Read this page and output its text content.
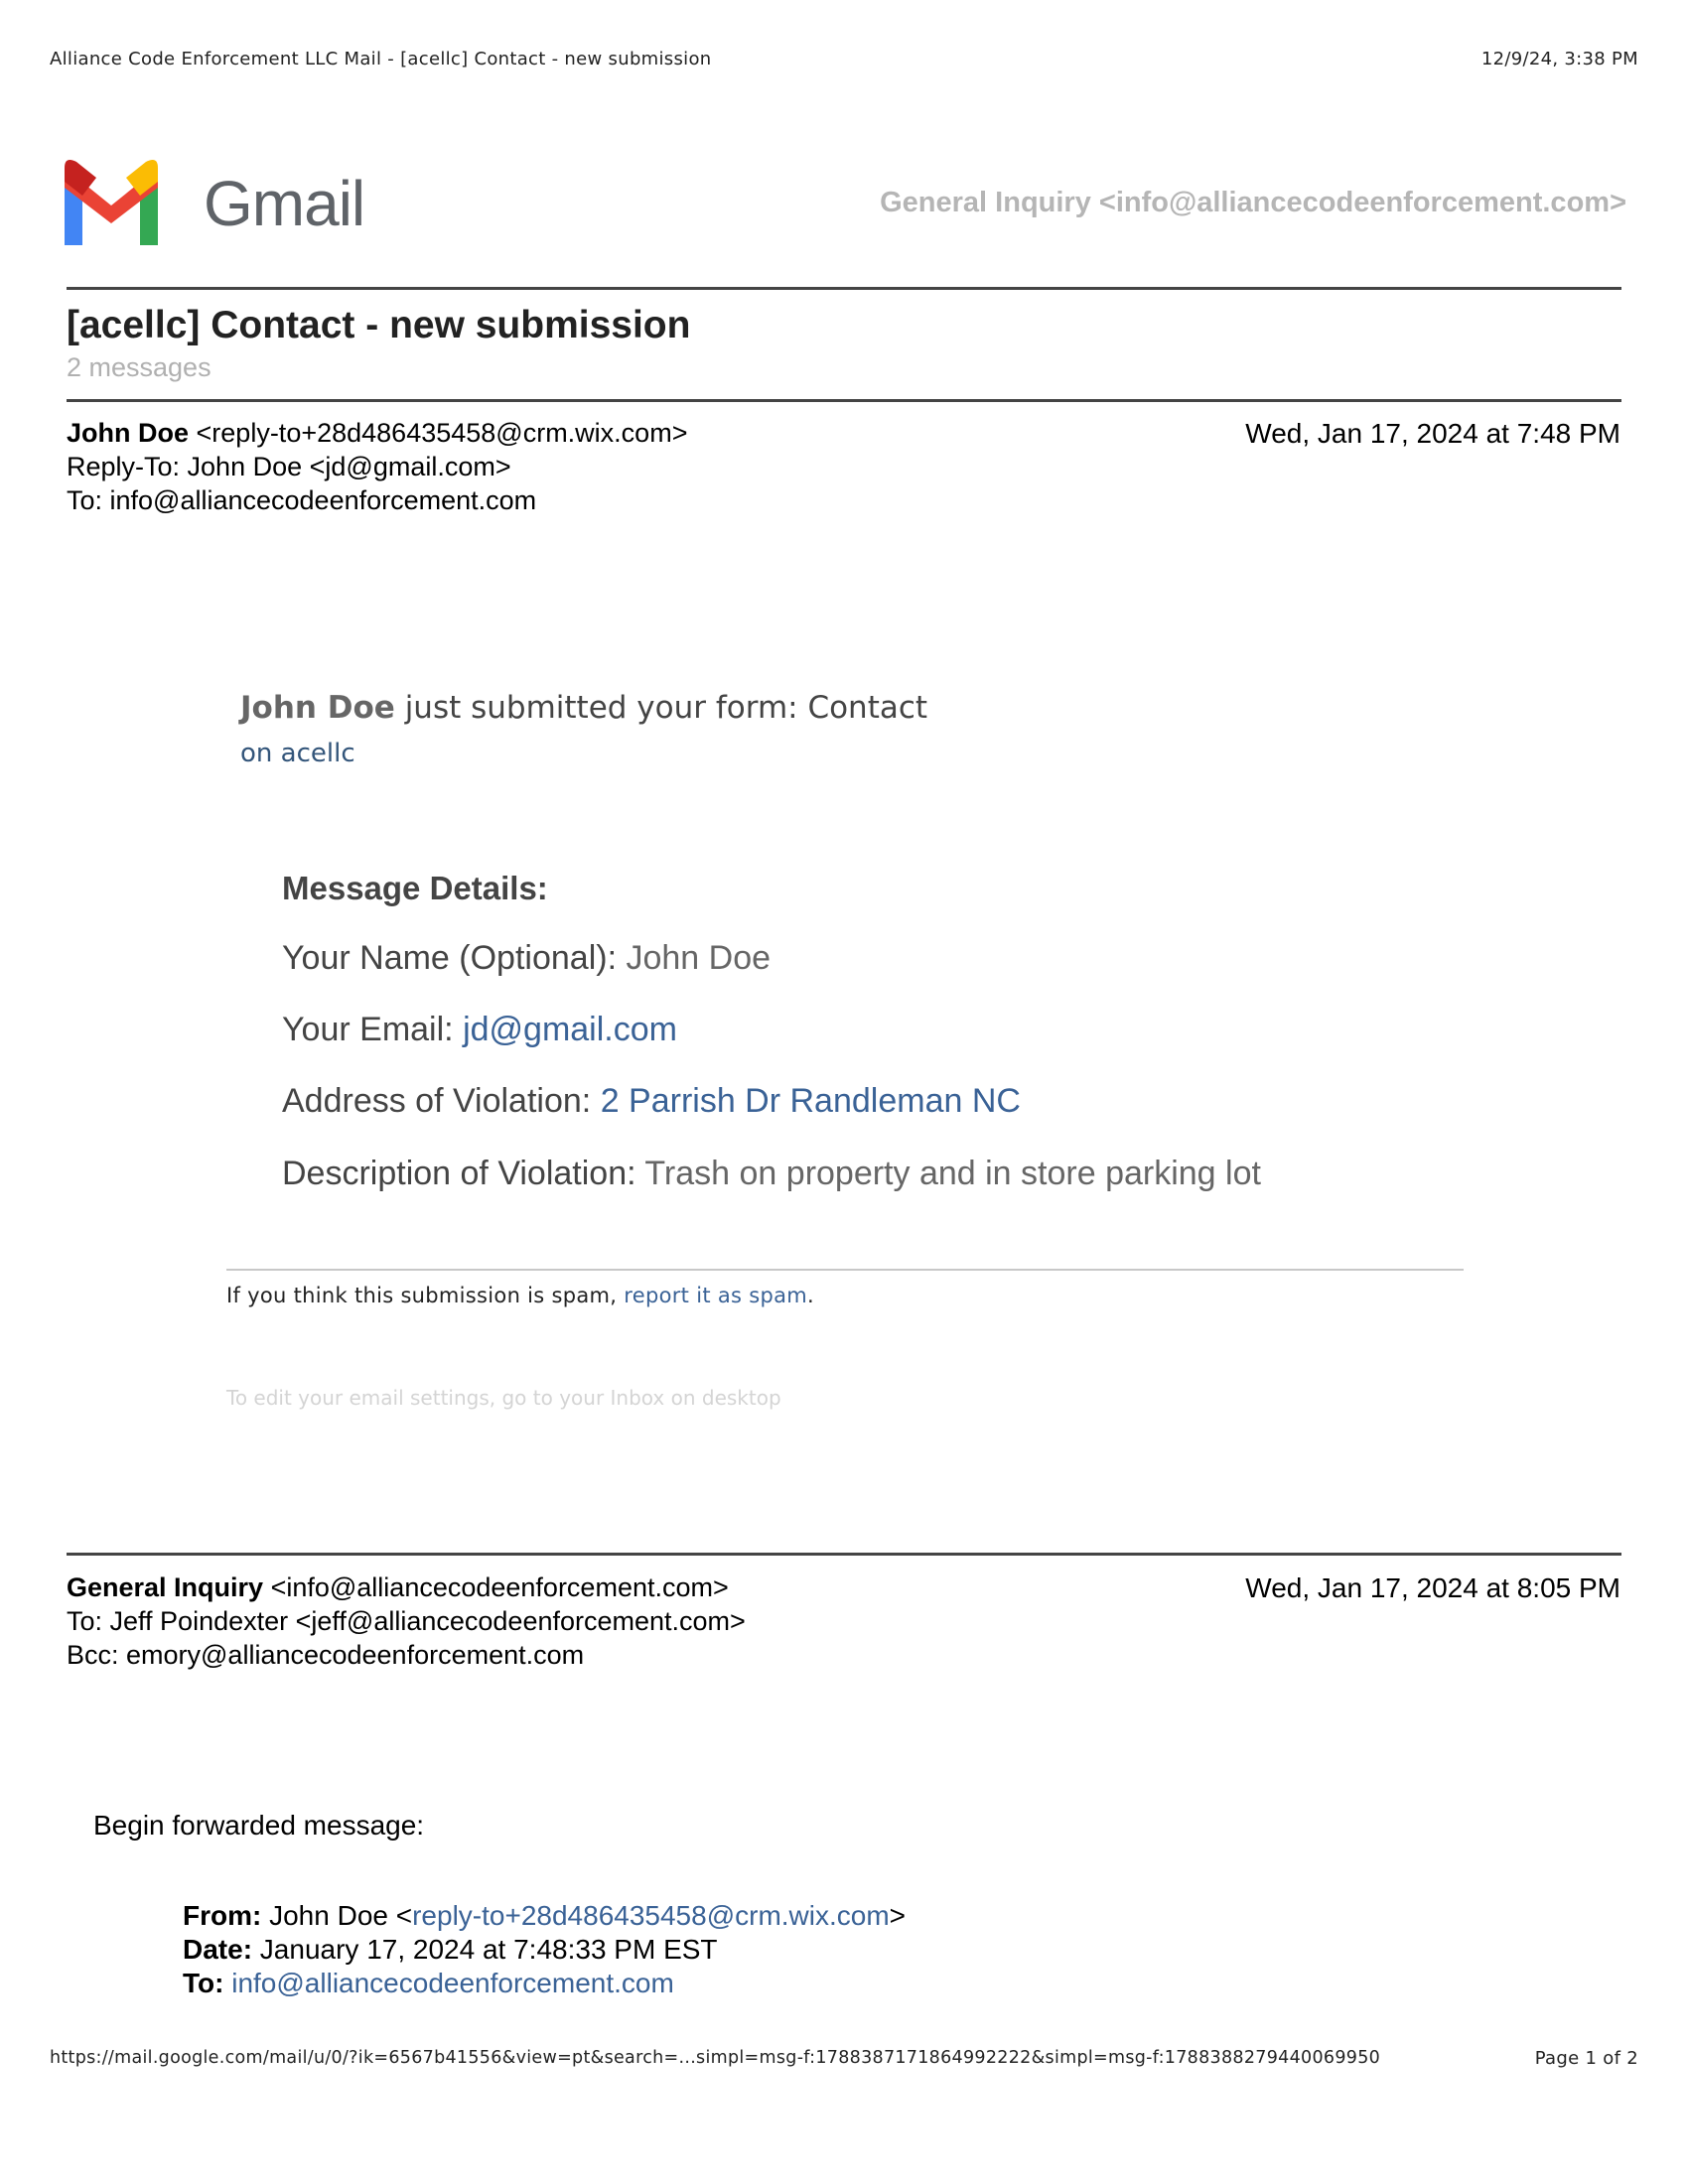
Alliance Code Enforcement LLC Mail - [acellc] Contact - new submission	12/9/24, 3:38 PM
Gmail	General Inquiry <info@alliancecodeenforcement.com>
[acellc] Contact - new submission
2 messages
John Doe <reply-to+28d486435458@crm.wix.com>
Reply-To: John Doe <jd@gmail.com>
To: info@alliancecodeenforcement.com
Wed, Jan 17, 2024 at 7:48 PM
John Doe just submitted your form: Contact
on acellc
Message Details:
Your Name (Optional): John Doe
Your Email: jd@gmail.com
Address of Violation: 2 Parrish Dr Randleman NC
Description of Violation: Trash on property and in store parking lot
If you think this submission is spam, report it as spam.
To edit your email settings, go to your Inbox on desktop
General Inquiry <info@alliancecodeenforcement.com>
To: Jeff Poindexter <jeff@alliancecodeenforcement.com>
Bcc: emory@alliancecodeenforcement.com
Wed, Jan 17, 2024 at 8:05 PM
Begin forwarded message:
From: John Doe <reply-to+28d486435458@crm.wix.com>
Date: January 17, 2024 at 7:48:33 PM EST
To: info@alliancecodeenforcement.com
https://mail.google.com/mail/u/0/?ik=6567b41556&view=pt&search=...simpl=msg-f:1788387171864992222&simpl=msg-f:1788388279440069950	Page 1 of 2
